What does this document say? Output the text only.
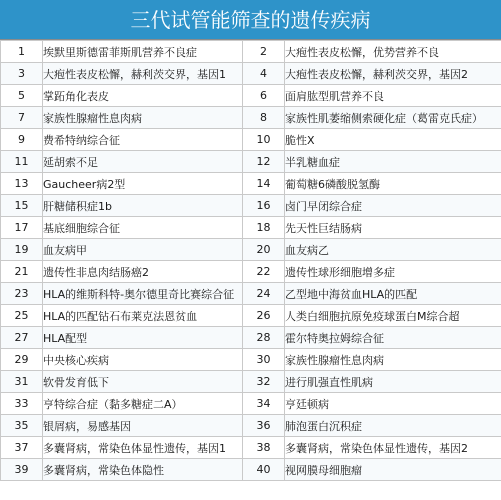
三代试管能筛查的遗传疾病
1	埃默里斯德雷菲斯肌营养不良症	2	大疱性表皮松懈，优势营养不良
3	大疱性表皮松懈，赫利茨交界，基因1	4	大疱性表皮松懈，赫利茨交界，基因2
5	掌跖角化表皮	6	面肩肱型肌营养不良
7	家族性腺瘤性息肉病	8	家族性肌萎缩侧索硬化症（葛雷克氏症）
9	费希特纳综合征	10	脆性X
11	延胡索不足	12	半乳糖血症
13	Gaucheer病2型	14	葡萄糖6磷酸脱氢酶
15	肝糖储积症1b	16	卤门早闭综合症
17	基底细胞综合征	18	先天性巨结肠病
19	血友病甲	20	血友病乙
21	遗传性非息肉结肠癌2	22	遗传性球形细胞增多症
23	HLA的维斯科特-奥尔德里奇比赛综合征	24	乙型地中海贫血HLA的匹配
25	HLA的匹配钻石布莱克法恩贫血	26	人类白细胞抗原免疫球蛋白M综合超
27	HLA配型	28	霍尔特奥拉姆综合征
29	中央核心疾病	30	家族性腺瘤性息肉病
31	软骨发育低下	32	进行肌强直性肌病
33	亨特综合症（黏多糖症二A）	34	亨廷顿病
35	银屑病，易感基因	36	肺泡蛋白沉积症
37	多囊肾病，常染色体显性遗传，基因1	38	多囊肾病，常染色体显性遗传，基因2
39	多囊肾病，常染色体隐性	40	视网膜母细胞瘤
